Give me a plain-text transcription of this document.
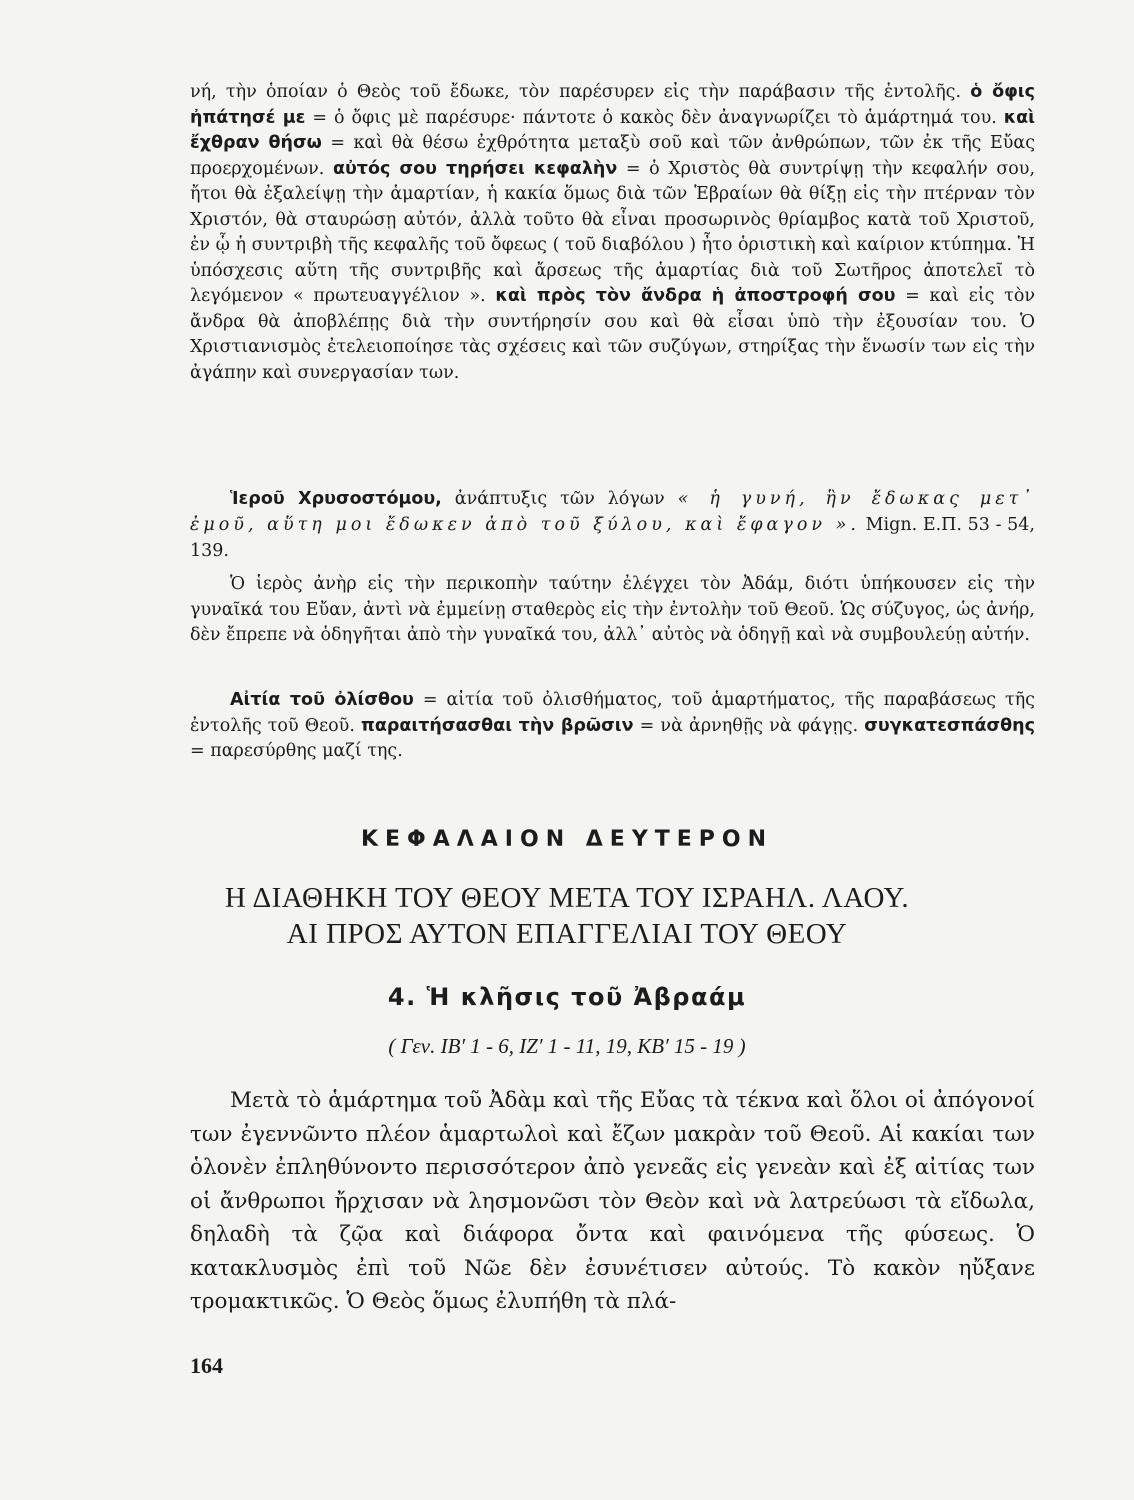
νή, τὴν ὁποίαν ὁ Θεὸς τοῦ ἔδωκε, τὸν παρέσυρεν εἰς τὴν παράβασιν τῆς ἐντολῆς. ὁ ὄφις ἠπάτησέ με = ὁ ὄφις μὲ παρέσυρε· πάντοτε ὁ κακὸς δὲν ἀναγνωρίζει τὸ ἁμάρτημά του. καὶ ἔχθραν θήσω = καὶ θὰ θέσω ἐχθρότητα μεταξὺ σοῦ καὶ τῶν ἀνθρώπων, τῶν ἐκ τῆς Εὔας προερχομένων. αὐτός σου τηρήσει κεφαλὴν = ὁ Χριστὸς θὰ συντρίψῃ τὴν κεφαλήν σου, ἤτοι θὰ ἐξαλείψῃ τὴν ἁμαρτίαν, ἡ κακία ὅμως διὰ τῶν Ἑβραίων θὰ θίξῃ εἰς τὴν πτέρναν τὸν Χριστόν, θὰ σταυρώσῃ αὐτόν, ἀλλὰ τοῦτο θὰ εἶναι προσωρινὸς θρίαμβος κατὰ τοῦ Χριστοῦ, ἐν ᾧ ἡ συντριβὴ τῆς κεφαλῆς τοῦ ὄφεως ( τοῦ διαβόλου ) ἦτο ὁριστικὴ καὶ καίριον κτύπημα. Ἡ ὑπόσχεσις αὕτη τῆς συντριβῆς καὶ ἄρσεως τῆς ἁμαρτίας διὰ τοῦ Σωτῆρος ἀποτελεῖ τὸ λεγόμενον « πρωτευαγγέλιον ». καὶ πρὸς τὸν ἄνδρα ἡ ἀποστροφή σου = καὶ εἰς τὸν ἄνδρα θὰ ἀποβλέπῃς διὰ τὴν συντήρησίν σου καὶ θὰ εἶσαι ὑπὸ τὴν ἐξουσίαν του. Ὁ Χριστιανισμὸς ἐτελειοποίησε τὰς σχέσεις καὶ τῶν συζύγων, στηρίξας τὴν ἕνωσίν των εἰς τὴν ἀγάπην καὶ συνεργασίαν των.
Ἱεροῦ Χρυσοστόμου, ἀνάπτυξις τῶν λόγων « ἡ γυνή, ἣν ἔδωκας μετ᾽ ἐμοῦ, αὕτη μοι ἔδωκεν ἀπὸ τοῦ ξύλου, καὶ ἔφαγον ». Mign. Ε.Π. 53 - 54, 139.
Ὁ ἱερὸς ἀνὴρ εἰς τὴν περικοπὴν ταύτην ἐλέγχει τὸν Ἀδάμ, διότι ὑπήκουσεν εἰς τὴν γυναῖκά του Εὔαν, ἀντὶ νὰ ἐμμείνῃ σταθερὸς εἰς τὴν ἐντολὴν τοῦ Θεοῦ. Ὡς σύζυγος, ὡς ἀνήρ, δὲν ἔπρεπε νὰ ὁδηγῆται ἀπὸ τὴν γυναῖκά του, ἀλλ᾽ αὐτὸς νὰ ὁδηγῇ καὶ νὰ συμβουλεύῃ αὐτήν.
Αἰτία τοῦ ὀλίσθου = αἰτία τοῦ ὀλισθήματος, τοῦ ἁμαρτήματος, τῆς παραβάσεως τῆς ἐντολῆς τοῦ Θεοῦ. παραιτήσασθαι τὴν βρῶσιν = νὰ ἀρνηθῇς νὰ φάγῃς. συγκατεσπάσθης = παρεσύρθης μαζί της.
ΚΕΦΑΛΑΙΟΝ ΔΕΥΤΕΡΟΝ
Η ΔΙΑΘΗΚΗ ΤΟΥ ΘΕΟΥ ΜΕΤΑ ΤΟΥ ΙΣΡΑΗΛ. ΛΑΟΥ.
ΑΙ ΠΡΟΣ ΑΥΤΟΝ ΕΠΑΓΓΕΛΙΑΙ ΤΟΥ ΘΕΟΥ
4. Ἡ κλῆσις τοῦ Ἀβραάμ
( Γεν. ΙΒ′ 1 - 6, ΙΖ′ 1 - 11, 19, ΚΒ′ 15 - 19 )
Μετὰ τὸ ἁμάρτημα τοῦ Ἀδὰμ καὶ τῆς Εὔας τὰ τέκνα καὶ ὅλοι οἱ ἀπόγονοί των ἐγεννῶντο πλέον ἁμαρτωλοὶ καὶ ἔζων μακρὰν τοῦ Θεοῦ. Αἱ κακίαι των ὁλονὲν ἐπληθύνοντο περισσότερον ἀπὸ γενεᾶς εἰς γενεὰν καὶ ἐξ αἰτίας των οἱ ἄνθρωποι ἤρχισαν νὰ λησμονῶσι τὸν Θεὸν καὶ νὰ λατρεύωσι τὰ εἴδωλα, δηλαδὴ τὰ ζῷα καὶ διάφορα ὄντα καὶ φαινόμενα τῆς φύσεως. Ὁ κατακλυσμὸς ἐπὶ τοῦ Νῶε δὲν ἐσυνέτισεν αὐτούς. Τὸ κακὸν ηὔξανε τρομακτικῶς. Ὁ Θεὸς ὅμως ἐλυπήθη τὰ πλά-
164
